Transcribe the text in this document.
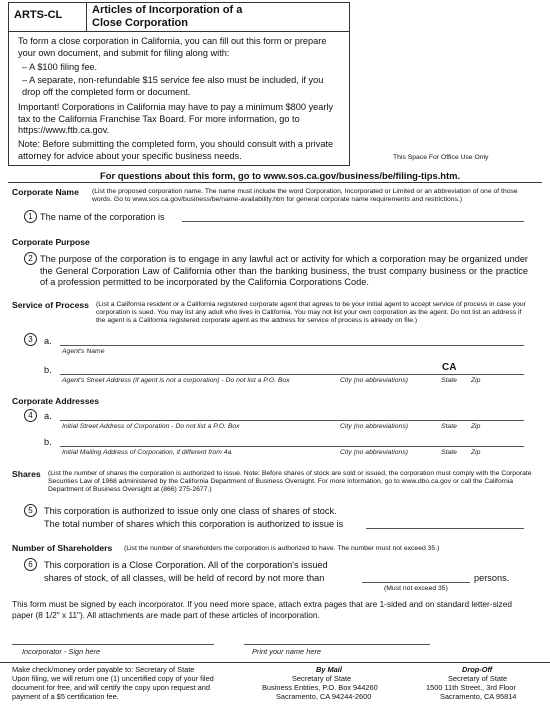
ARTS-CL	Articles of Incorporation of a
Close Corporation
To form a close corporation in California, you can fill out this form or prepare your own document, and submit for filing along with:
– A $100 filing fee.
– A separate, non-refundable $15 service fee also must be included, if you drop off the completed form or document.
Important! Corporations in California may have to pay a minimum $800 yearly tax to the California Franchise Tax Board. For more information, go to https://www.ftb.ca.gov.
Note: Before submitting the completed form, you should consult with a private attorney for advice about your specific business needs.	This Space For Office Use Only
For questions about this form, go to www.sos.ca.gov/business/be/filing-tips.htm.
Corporate Name (List the proposed corporation name. The name must include the word Corporation, Incorporated or Limited or an abbreviation of one of those words. Go to www.sos.ca.gov/business/be/name-availability.htm for general corporate name requirements and restrictions.)
1 The name of the corporation is
Corporate Purpose
2 The purpose of the corporation is to engage in any lawful act or activity for which a corporation may be organized under the General Corporation Law of California other than the banking business, the trust company business or the practice of a profession permitted to be incorporated by the California Corporations Code.
Service of Process (List a California resident or a California registered corporate agent that agrees to be your initial agent to accept service of process in case your corporation is sued. You may list any adult who lives in California. You may not list your own corporation as the agent. Do not list an address if the agent is a California registered corporate agent as the address for service of process is already on file.)
3	a.
Agent's Name
b.	CA
Agent's Street Address (if agent is not a corporation) - Do not list a P.O. Box	City (no abbreviations)	State Zip
Corporate Addresses
4	a.
Initial Street Address of Corporation - Do not list a P.O. Box	City (no abbreviations)	State Zip
b.
Initial Mailing Address of Corporation, if different from 4a	City (no abbreviations)	State Zip
Shares (List the number of shares the corporation is authorized to issue. Note: Before shares of stock are sold or issued, the corporation must comply with the Corporate Securities Law of 1968 administered by the California Department of Business Oversight. For more information, go to www.dbo.ca.gov or call the California Department of Business Oversight at (866) 275-2677.)
5	This corporation is authorized to issue only one class of shares of stock.
The total number of shares which this corporation is authorized to issue is
Number of Shareholders (List the number of shareholders the corporation is authorized to have. The number must not exceed 35.)
6	This corporation is a Close Corporation. All of the corporation's issued
shares of stock, of all classes, will be held of record by not more than	persons.
(Must not exceed 35)
This form must be signed by each incorporator. If you need more space, attach extra pages that are 1-sided and on standard letter-sized paper (8 1/2" x 11"). All attachments are made part of these articles of incorporation.
Incorporator - Sign here	Print your name here
Make check/money order payable to: Secretary of State
Upon filing, we will return one (1) uncertified copy of your filed document for free, and will certify the copy upon request and payment of a $5 certification fee.
By Mail
Secretary of State
Business Entities, P.O. Box 944260
Sacramento, CA 94244-2600
Drop-Off
Secretary of State
1500 11th Street., 3rd Floor
Sacramento, CA 95814
